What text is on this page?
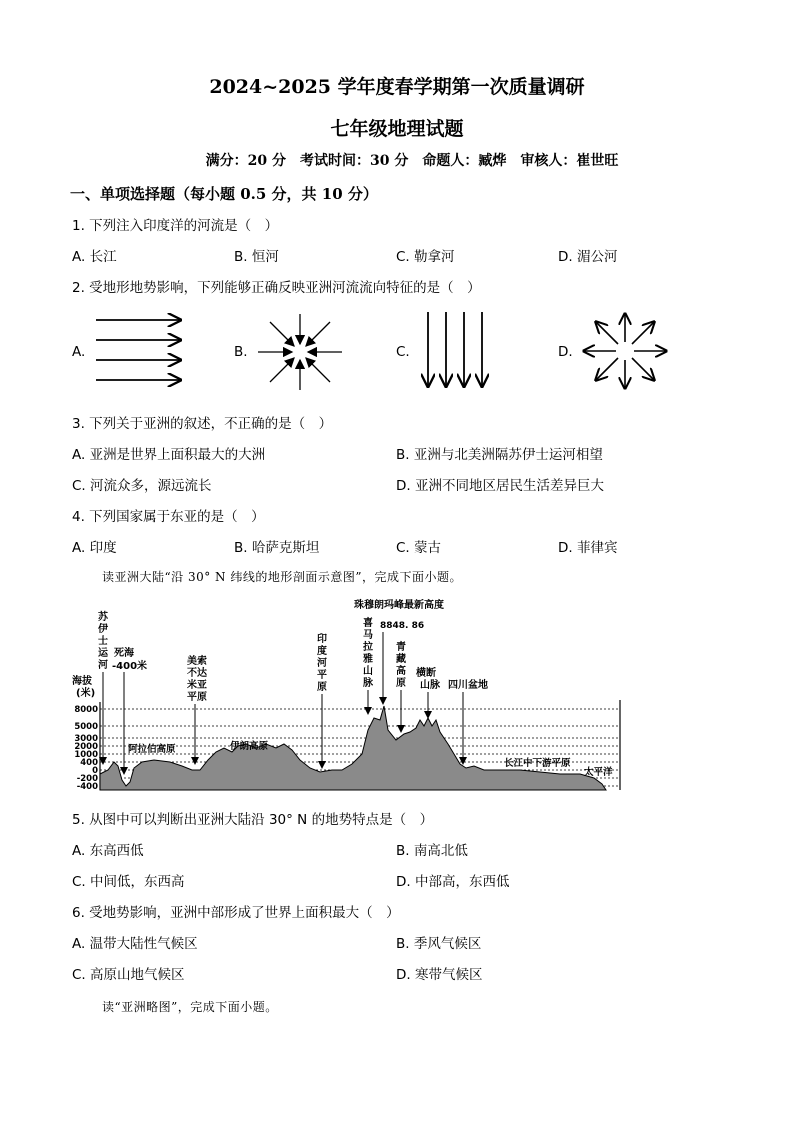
2024~2025 学年度春学期第一次质量调研
七年级地理试题
满分：20 分　考试时间：30 分　命题人：臧烨　审核人：崔世旺
一、单项选择题（每小题 0.5 分，共 10 分）
1. 下列注入印度洋的河流是（　）
A. 长江	B. 恒河	C. 勒拿河	D. 湄公河
2. 受地形地势影响，下列能够正确反映亚洲河流流向特征的是（　）
A.	B.	C.	D.
3. 下列关于亚洲的叙述，不正确的是（　）
A. 亚洲是世界上面积最大的大洲	B. 亚洲与北美洲隔苏伊士运河相望
C. 河流众多，源远流长	D. 亚洲不同地区居民生活差异巨大
4. 下列国家属于东亚的是（　）
A. 印度	B. 哈萨克斯坦	C. 蒙古	D. 菲律宾
读亚洲大陆“沿 30° N 纬线的地形剖面示意图”，完成下面小题。
海拔
(米)
8000
5000
3000
2000
1000
400
0
-200
-400
苏
伊
士
运
河
死海
-400米	美索
不达
米亚
平原
阿拉伯高原	伊朗高原
印
度
河
平
原
珠穆朗玛峰最新高度
8848. 86
喜
马
拉
雅
山
脉
青
藏
高
原
横断
山脉 四川盆地
长江中下游平原
太平洋
5. 从图中可以判断出亚洲大陆沿 30° N 的地势特点是（　）
A. 东高西低	B. 南高北低
C. 中间低，东西高	D. 中部高，东西低
6. 受地势影响，亚洲中部形成了世界上面积最大（　）
A. 温带大陆性气候区	B. 季风气候区
C. 高原山地气候区	D. 寒带气候区
读“亚洲略图”，完成下面小题。
